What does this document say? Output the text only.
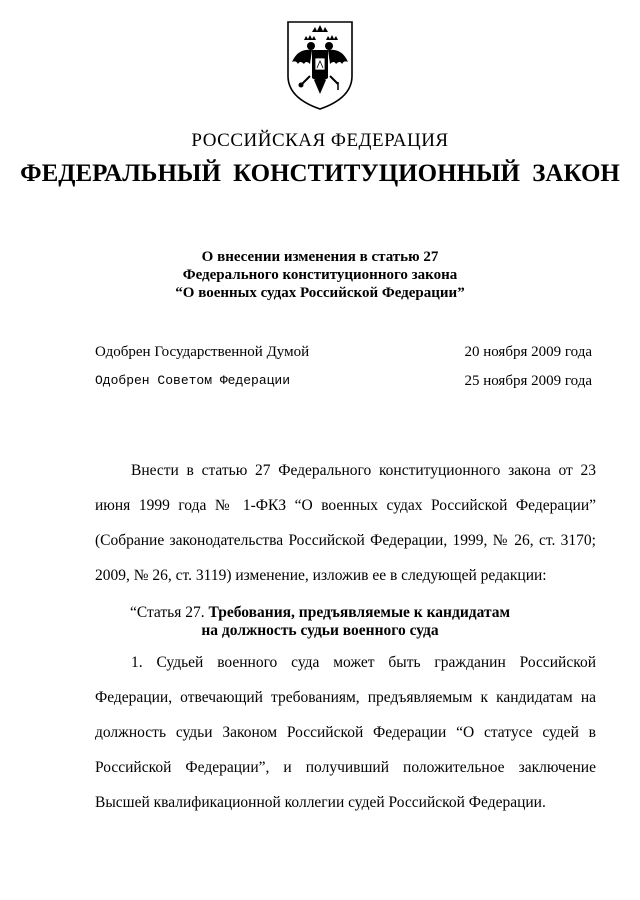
РОССИЙСКАЯ ФЕДЕРАЦИЯ
ФЕДЕРАЛЬНЫЙ КОНСТИТУЦИОННЫЙ ЗАКОН
О внесении изменения в статью 27
Федерального конституционного закона
“О военных судах Российской Федерации”
Одобрен Государственной Думой	20 ноября 2009 года
Одобрен Советом Федерации	25 ноября 2009 года

Внести в статью 27 Федерального конституционного закона от 23 июня 1999 года № 1-ФКЗ “О военных судах Российской Федерации” (Собрание законодательства Российской Федерации, 1999, № 26, ст. 3170; 2009, № 26, ст. 3119) изменение, изложив ее в следующей редакции:

“Статья 27. Требования, предъявляемые к кандидатам
на должность судьи военного суда

1. Судьей военного суда может быть гражданин Российской Федерации, отвечающий требованиям, предъявляемым к кандидатам на должность судьи Законом Российской Федерации “О статусе судей в Российской Федерации”, и получивший положительное заключение Высшей квалификационной коллегии судей Российской Федерации.
